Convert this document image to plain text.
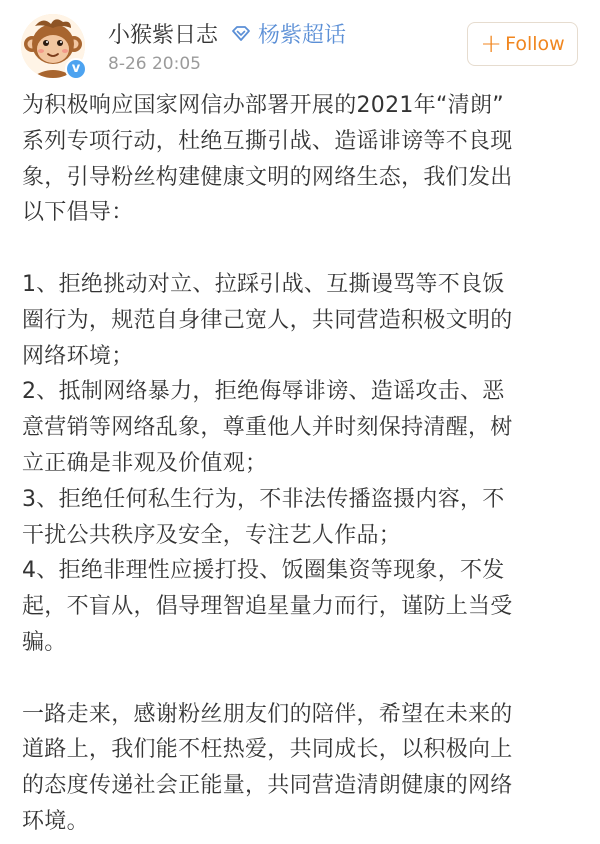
v
小猴紫日志 杨紫超话
8-26 20:05
+ Follow

为积极响应国家网信办部署开展的2021年“清朗”

系列专项行动，杜绝互撕引战、造谣诽谤等不良现

象，引导粉丝构建健康文明的网络生态，我们发出

以下倡导：

1、拒绝挑动对立、拉踩引战、互撕谩骂等不良饭

圈行为，规范自身律己宽人，共同营造积极文明的

网络环境；

2、抵制网络暴力，拒绝侮辱诽谤、造谣攻击、恶

意营销等网络乱象，尊重他人并时刻保持清醒，树

立正确是非观及价值观；

3、拒绝任何私生行为，不非法传播盗摄内容，不

干扰公共秩序及安全，专注艺人作品；

4、拒绝非理性应援打投、饭圈集资等现象，不发

起，不盲从，倡导理智追星量力而行，谨防上当受

骗。

一路走来，感谢粉丝朋友们的陪伴，希望在未来的

道路上，我们能不枉热爱，共同成长，以积极向上

的态度传递社会正能量，共同营造清朗健康的网络

环境。
